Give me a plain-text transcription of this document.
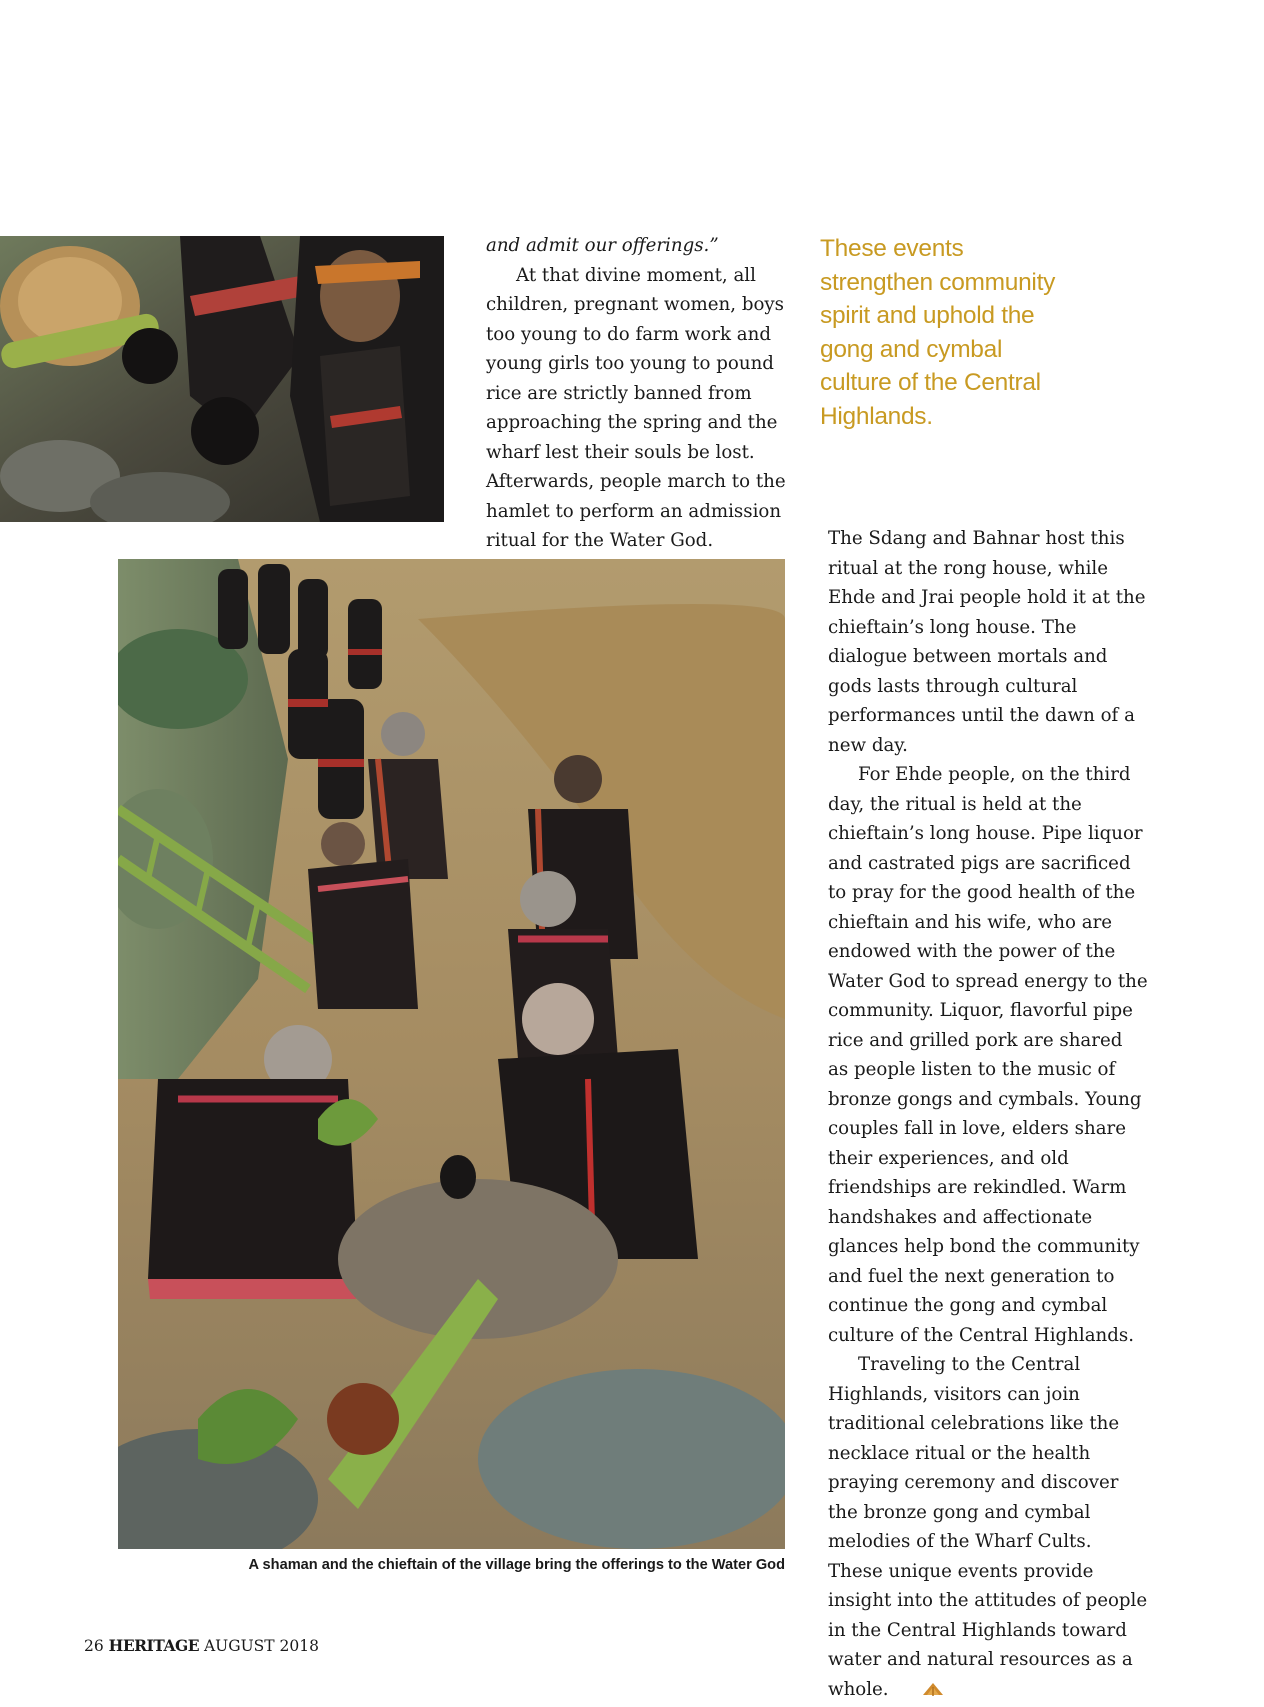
and admit our offerings.”

At that divine moment, all children, pregnant women, boys too young to do farm work and young girls too young to pound rice are strictly banned from approaching the spring and the wharf lest their souls be lost. Afterwards, people march to the hamlet to perform an admission ritual for the Water God.

These events strengthen community spirit and uphold the gong and cymbal culture of the Central Highlands.

A shaman and the chieftain of the village bring the offerings to the Water God

The Sdang and Bahnar host this ritual at the rong house, while Ehde and Jrai people hold it at the chieftain’s long house. The dialogue between mortals and gods lasts through cultural performances until the dawn of a new day.

For Ehde people, on the third day, the ritual is held at the chieftain’s long house. Pipe liquor and castrated pigs are sacrificed to pray for the good health of the chieftain and his wife, who are endowed with the power of the Water God to spread energy to the community. Liquor, flavorful pipe rice and grilled pork are shared as people listen to the music of bronze gongs and cymbals. Young couples fall in love, elders share their experiences, and old friendships are rekindled. Warm handshakes and affectionate glances help bond the community and fuel the next generation to continue the gong and cymbal culture of the Central Highlands.

Traveling to the Central Highlands, visitors can join traditional celebrations like the necklace ritual or the health praying ceremony and discover the bronze gong and cymbal melodies of the Wharf Cults. These unique events provide insight into the attitudes of people in the Central Highlands toward water and natural resources as a whole.

26 HERITAGE AUGUST 2018
